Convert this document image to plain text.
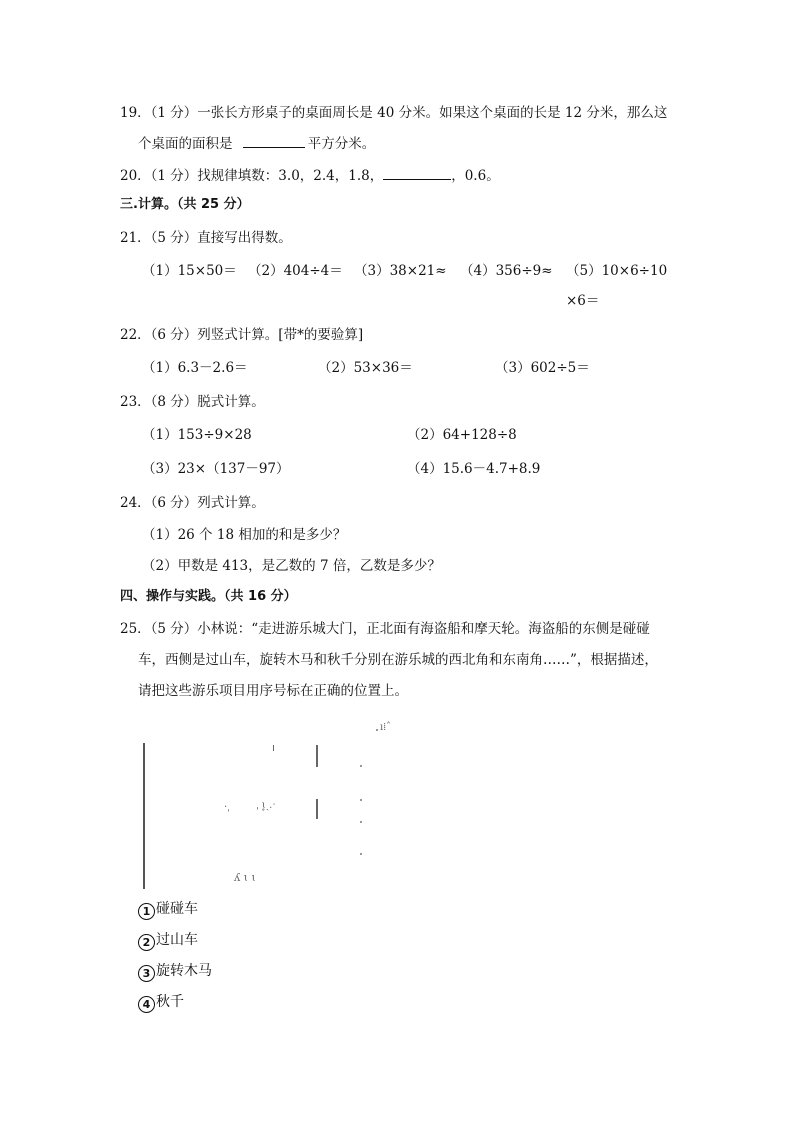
19．（1 分）一张长方形桌子的桌面周长是 40 分米。如果这个桌面的长是 12 分米，那么这
个桌面的面积是	平方分米。
20．（1 分）找规律填数：3.0，2.4，1.8，	，0.6。
三.计算。（共 25 分）
21．（5 分）直接写出得数。
（1）15×50＝ （2）404÷4＝ （3）38×21≈ （4）356÷9≈ （5）10×6÷10
×6＝
22．（6 分）列竖式计算。[带*的要验算]
（1）6.3－2.6＝	（2）53×36＝	（3）602÷5＝
23．（8 分）脱式计算。
（1）153÷9×28	（2）64+128÷8
（3）23×（137－97）	（4）15.6－4.7+8.9
24．（6 分）列式计算。
（1）26 个 18 相加的和是多少？
（2）甲数是 413，是乙数的 7 倍，乙数是多少？
四、操作与实践。（共 16 分）
25．（5 分）小林说：“走进游乐城大门，正北面有海盗船和摩天轮。海盗船的东侧是碰碰
车，西侧是过山车，旋转木马和秋千分别在游乐城的西北角和东南角……”，根据描述，
请把这些游乐项目用序号标在正确的位置上。
ı⁞ˆ
·ˌ	ˌ ɩ̥ˏ.ˑ
ʎ ɩ ɩ
1 碰碰车
2 过山车
3 旋转木马
4 秋千
